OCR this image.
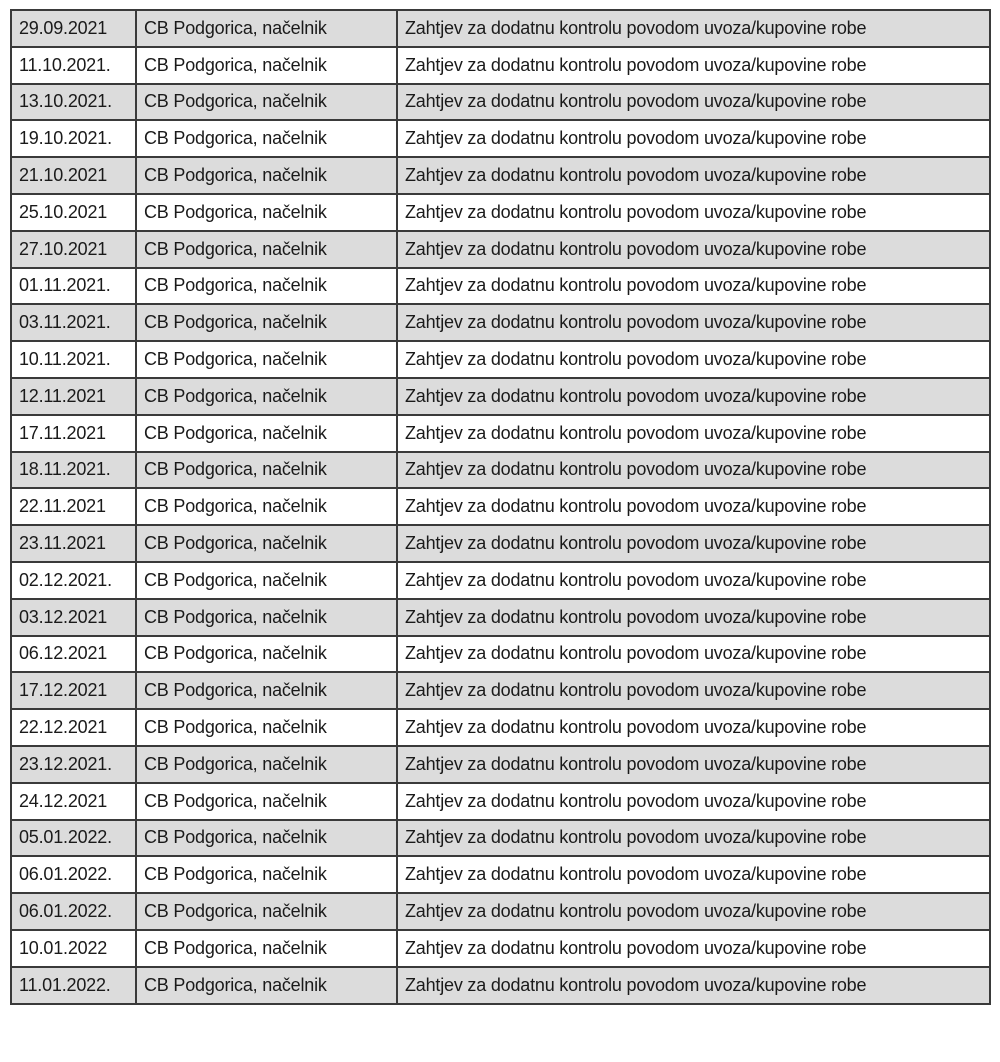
29.09.2021	CB Podgorica, načelnik	Zahtjev za dodatnu kontrolu povodom uvoza/kupovine robe
11.10.2021.	CB Podgorica, načelnik	Zahtjev za dodatnu kontrolu povodom uvoza/kupovine robe
13.10.2021.	CB Podgorica, načelnik	Zahtjev za dodatnu kontrolu povodom uvoza/kupovine robe
19.10.2021.	CB Podgorica, načelnik	Zahtjev za dodatnu kontrolu povodom uvoza/kupovine robe
21.10.2021	CB Podgorica, načelnik	Zahtjev za dodatnu kontrolu povodom uvoza/kupovine robe
25.10.2021	CB Podgorica, načelnik	Zahtjev za dodatnu kontrolu povodom uvoza/kupovine robe
27.10.2021	CB Podgorica, načelnik	Zahtjev za dodatnu kontrolu povodom uvoza/kupovine robe
01.11.2021.	CB Podgorica, načelnik	Zahtjev za dodatnu kontrolu povodom uvoza/kupovine robe
03.11.2021.	CB Podgorica, načelnik	Zahtjev za dodatnu kontrolu povodom uvoza/kupovine robe
10.11.2021.	CB Podgorica, načelnik	Zahtjev za dodatnu kontrolu povodom uvoza/kupovine robe
12.11.2021	CB Podgorica, načelnik	Zahtjev za dodatnu kontrolu povodom uvoza/kupovine robe
17.11.2021	CB Podgorica, načelnik	Zahtjev za dodatnu kontrolu povodom uvoza/kupovine robe
18.11.2021.	CB Podgorica, načelnik	Zahtjev za dodatnu kontrolu povodom uvoza/kupovine robe
22.11.2021	CB Podgorica, načelnik	Zahtjev za dodatnu kontrolu povodom uvoza/kupovine robe
23.11.2021	CB Podgorica, načelnik	Zahtjev za dodatnu kontrolu povodom uvoza/kupovine robe
02.12.2021.	CB Podgorica, načelnik	Zahtjev za dodatnu kontrolu povodom uvoza/kupovine robe
03.12.2021	CB Podgorica, načelnik	Zahtjev za dodatnu kontrolu povodom uvoza/kupovine robe
06.12.2021	CB Podgorica, načelnik	Zahtjev za dodatnu kontrolu povodom uvoza/kupovine robe
17.12.2021	CB Podgorica, načelnik	Zahtjev za dodatnu kontrolu povodom uvoza/kupovine robe
22.12.2021	CB Podgorica, načelnik	Zahtjev za dodatnu kontrolu povodom uvoza/kupovine robe
23.12.2021.	CB Podgorica, načelnik	Zahtjev za dodatnu kontrolu povodom uvoza/kupovine robe
24.12.2021	CB Podgorica, načelnik	Zahtjev za dodatnu kontrolu povodom uvoza/kupovine robe
05.01.2022.	CB Podgorica, načelnik	Zahtjev za dodatnu kontrolu povodom uvoza/kupovine robe
06.01.2022.	CB Podgorica, načelnik	Zahtjev za dodatnu kontrolu povodom uvoza/kupovine robe
06.01.2022.	CB Podgorica, načelnik	Zahtjev za dodatnu kontrolu povodom uvoza/kupovine robe
10.01.2022	CB Podgorica, načelnik	Zahtjev za dodatnu kontrolu povodom uvoza/kupovine robe
11.01.2022.	CB Podgorica, načelnik	Zahtjev za dodatnu kontrolu povodom uvoza/kupovine robe
